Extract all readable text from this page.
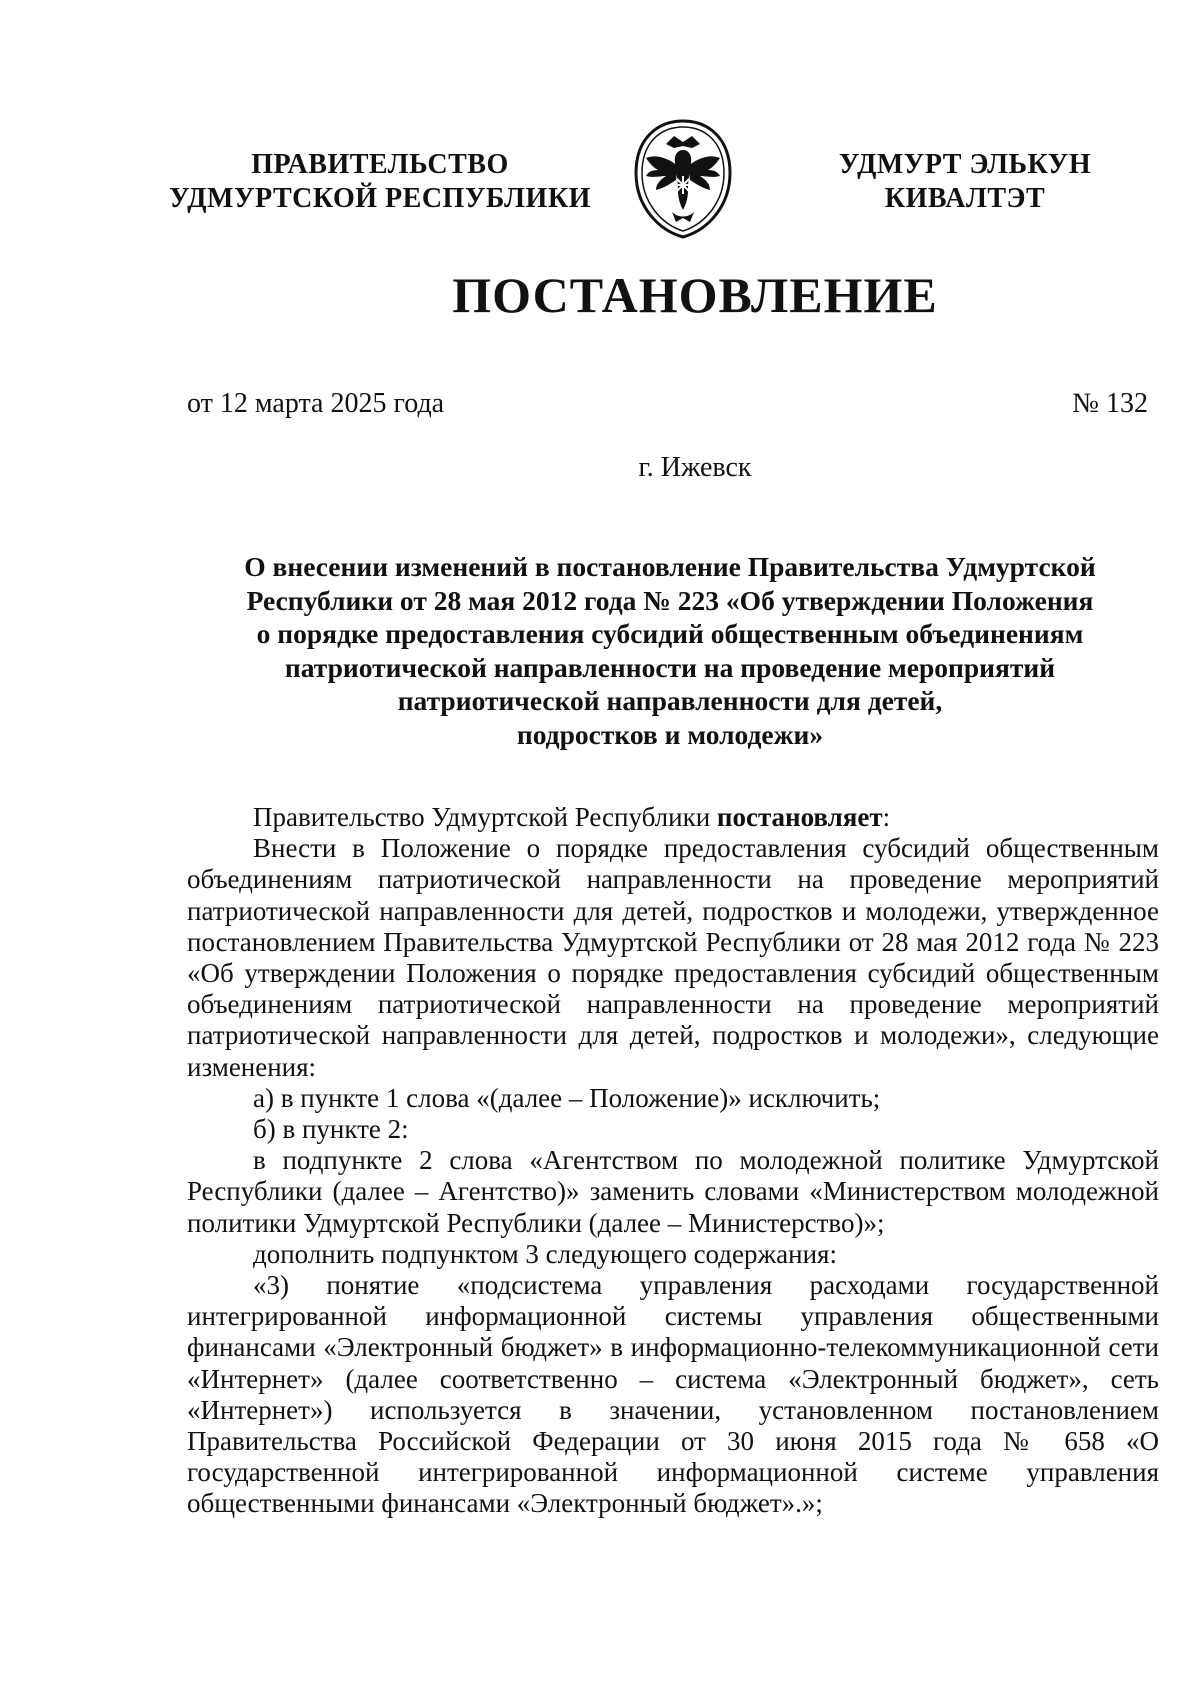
ПРАВИТЕЛЬСТВО
УДМУРТСКОЙ РЕСПУБЛИКИ
УДМУРТ ЭЛЬКУН
КИВАЛТЭТ
ПОСТАНОВЛЕНИЕ
от 12 марта 2025 года	№ 132
г. Ижевск
О внесении изменений в постановление Правительства Удмуртской
Республики от 28 мая 2012 года № 223 «Об утверждении Положения
о порядке предоставления субсидий общественным объединениям
патриотической направленности на проведение мероприятий
патриотической направленности для детей,
подростков и молодежи»

Правительство Удмуртской Республики постановляет:

Внести в Положение о порядке предоставления субсидий общественным объединениям патриотической направленности на проведение мероприятий патриотической направленности для детей, подростков и молодежи, утвержденное постановлением Правительства Удмуртской Республики от 28 мая 2012 года № 223 «Об утверждении Положения о порядке предоставления субсидий общественным объединениям патриотической направленности на проведение мероприятий патриотической направленности для детей, подростков и молодежи», следующие изменения:

а) в пункте 1 слова «(далее – Положение)» исключить;

б) в пункте 2:

в подпункте 2 слова «Агентством по молодежной политике Удмуртской Республики (далее – Агентство)» заменить словами «Министерством молодежной политики Удмуртской Республики (далее – Министерство)»;

дополнить подпунктом 3 следующего содержания:

«3) понятие «подсистема управления расходами государственной интегрированной информационной системы управления общественными финансами «Электронный бюджет» в информационно-телекоммуникационной сети «Интернет» (далее соответственно – система «Электронный бюджет», сеть «Интернет») используется в значении, установленном постановлением Правительства Российской Федерации от 30 июня 2015 года № 658 «О государственной интегрированной информационной системе управления общественными финансами «Электронный бюджет».»;
